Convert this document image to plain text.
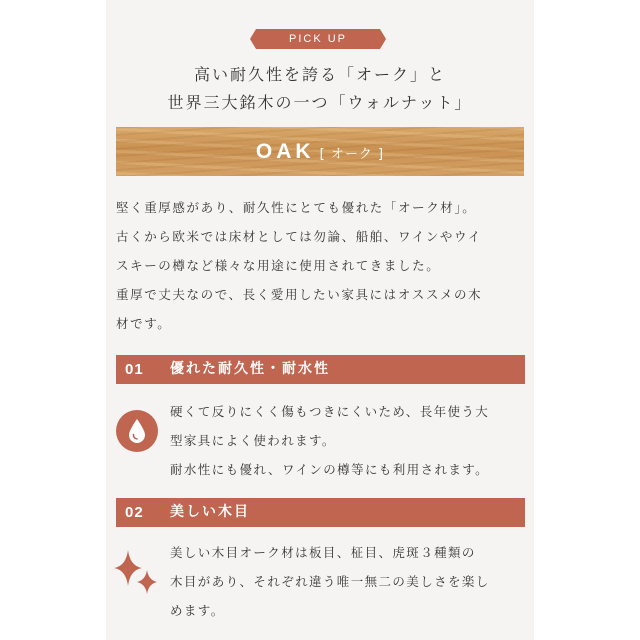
PICK UP
高い耐久性を誇る「オーク」と
世界三大銘木の一つ「ウォルナット」
OAK [ オーク ]
堅く重厚感があり、耐久性にとても優れた「オーク材」。
古くから欧米では床材としては勿論、船舶、ワインやウイ
スキーの樽など様々な用途に使用されてきました。
重厚で丈夫なので、長く愛用したい家具にはオススメの木
材です。
01 優れた耐久性・耐水性
硬くて反りにくく傷もつきにくいため、長年使う大
型家具によく使われます。
耐水性にも優れ、ワインの樽等にも利用されます。
02 美しい木目
美しい木目オーク材は板目、柾目、虎斑３種類の
木目があり、それぞれ違う唯一無二の美しさを楽し
めます。
